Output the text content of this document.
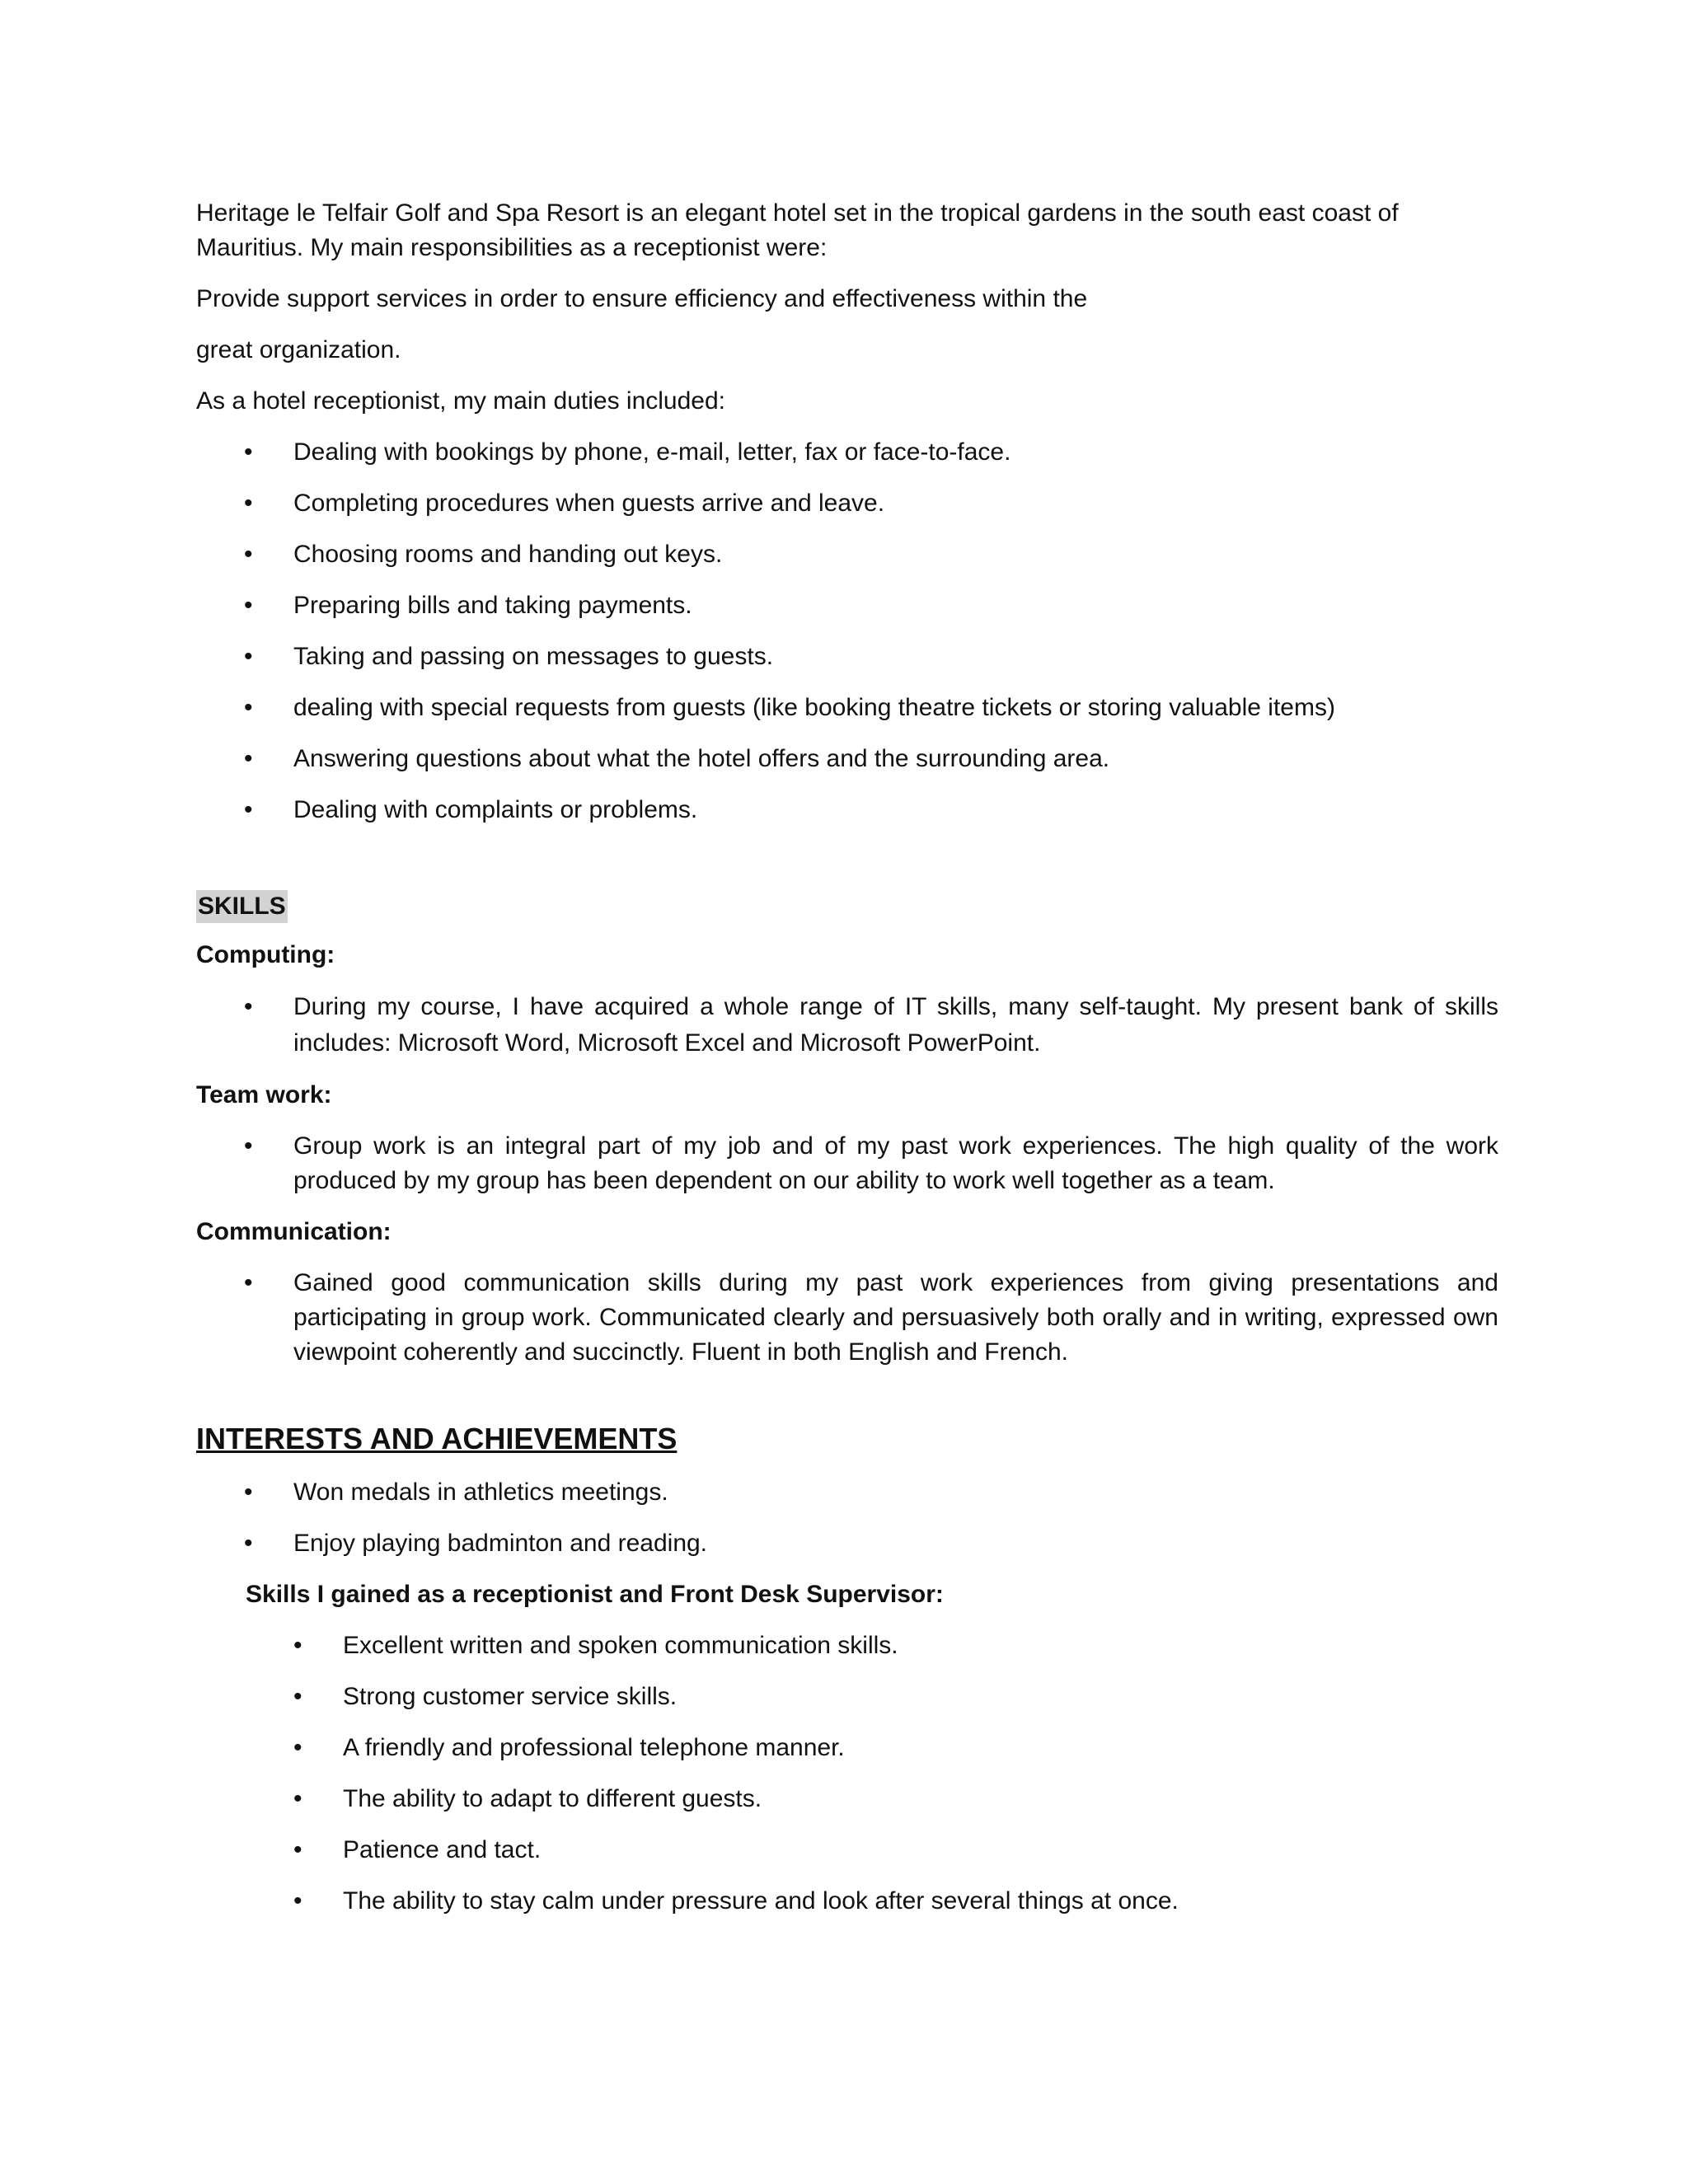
Heritage le Telfair Golf and Spa Resort is an elegant hotel set in the tropical gardens in the south east coast of

Mauritius. My main responsibilities as a receptionist were:

Provide support services in order to ensure efficiency and effectiveness within the

great organization.

As a hotel receptionist, my main duties included:

• Dealing with bookings by phone, e-mail, letter, fax or face-to-face.
• Completing procedures when guests arrive and leave.
• Choosing rooms and handing out keys.
• Preparing bills and taking payments.
• Taking and passing on messages to guests.
• dealing with special requests from guests (like booking theatre tickets or storing valuable items)
• Answering questions about what the hotel offers and the surrounding area.
• Dealing with complaints or problems.
SKILLS

Computing:

• During my course, I have acquired a whole range of IT skills, many self-taught. My present bank of skills includes: Microsoft Word, Microsoft Excel and Microsoft PowerPoint.

Team work:

• Group work is an integral part of my job and of my past work experiences. The high quality of the work produced by my group has been dependent on our ability to work well together as a team.

Communication:

• Gained good communication skills during my past work experiences from giving presentations and participating in group work. Communicated clearly and persuasively both orally and in writing, expressed own viewpoint coherently and succinctly. Fluent in both English and French.

INTERESTS AND ACHIEVEMENTS

• Won medals in athletics meetings.
• Enjoy playing badminton and reading.

Skills I gained as a receptionist and Front Desk Supervisor:

• Excellent written and spoken communication skills.
• Strong customer service skills.
• A friendly and professional telephone manner.
• The ability to adapt to different guests.
• Patience and tact.
• The ability to stay calm under pressure and look after several things at once.
